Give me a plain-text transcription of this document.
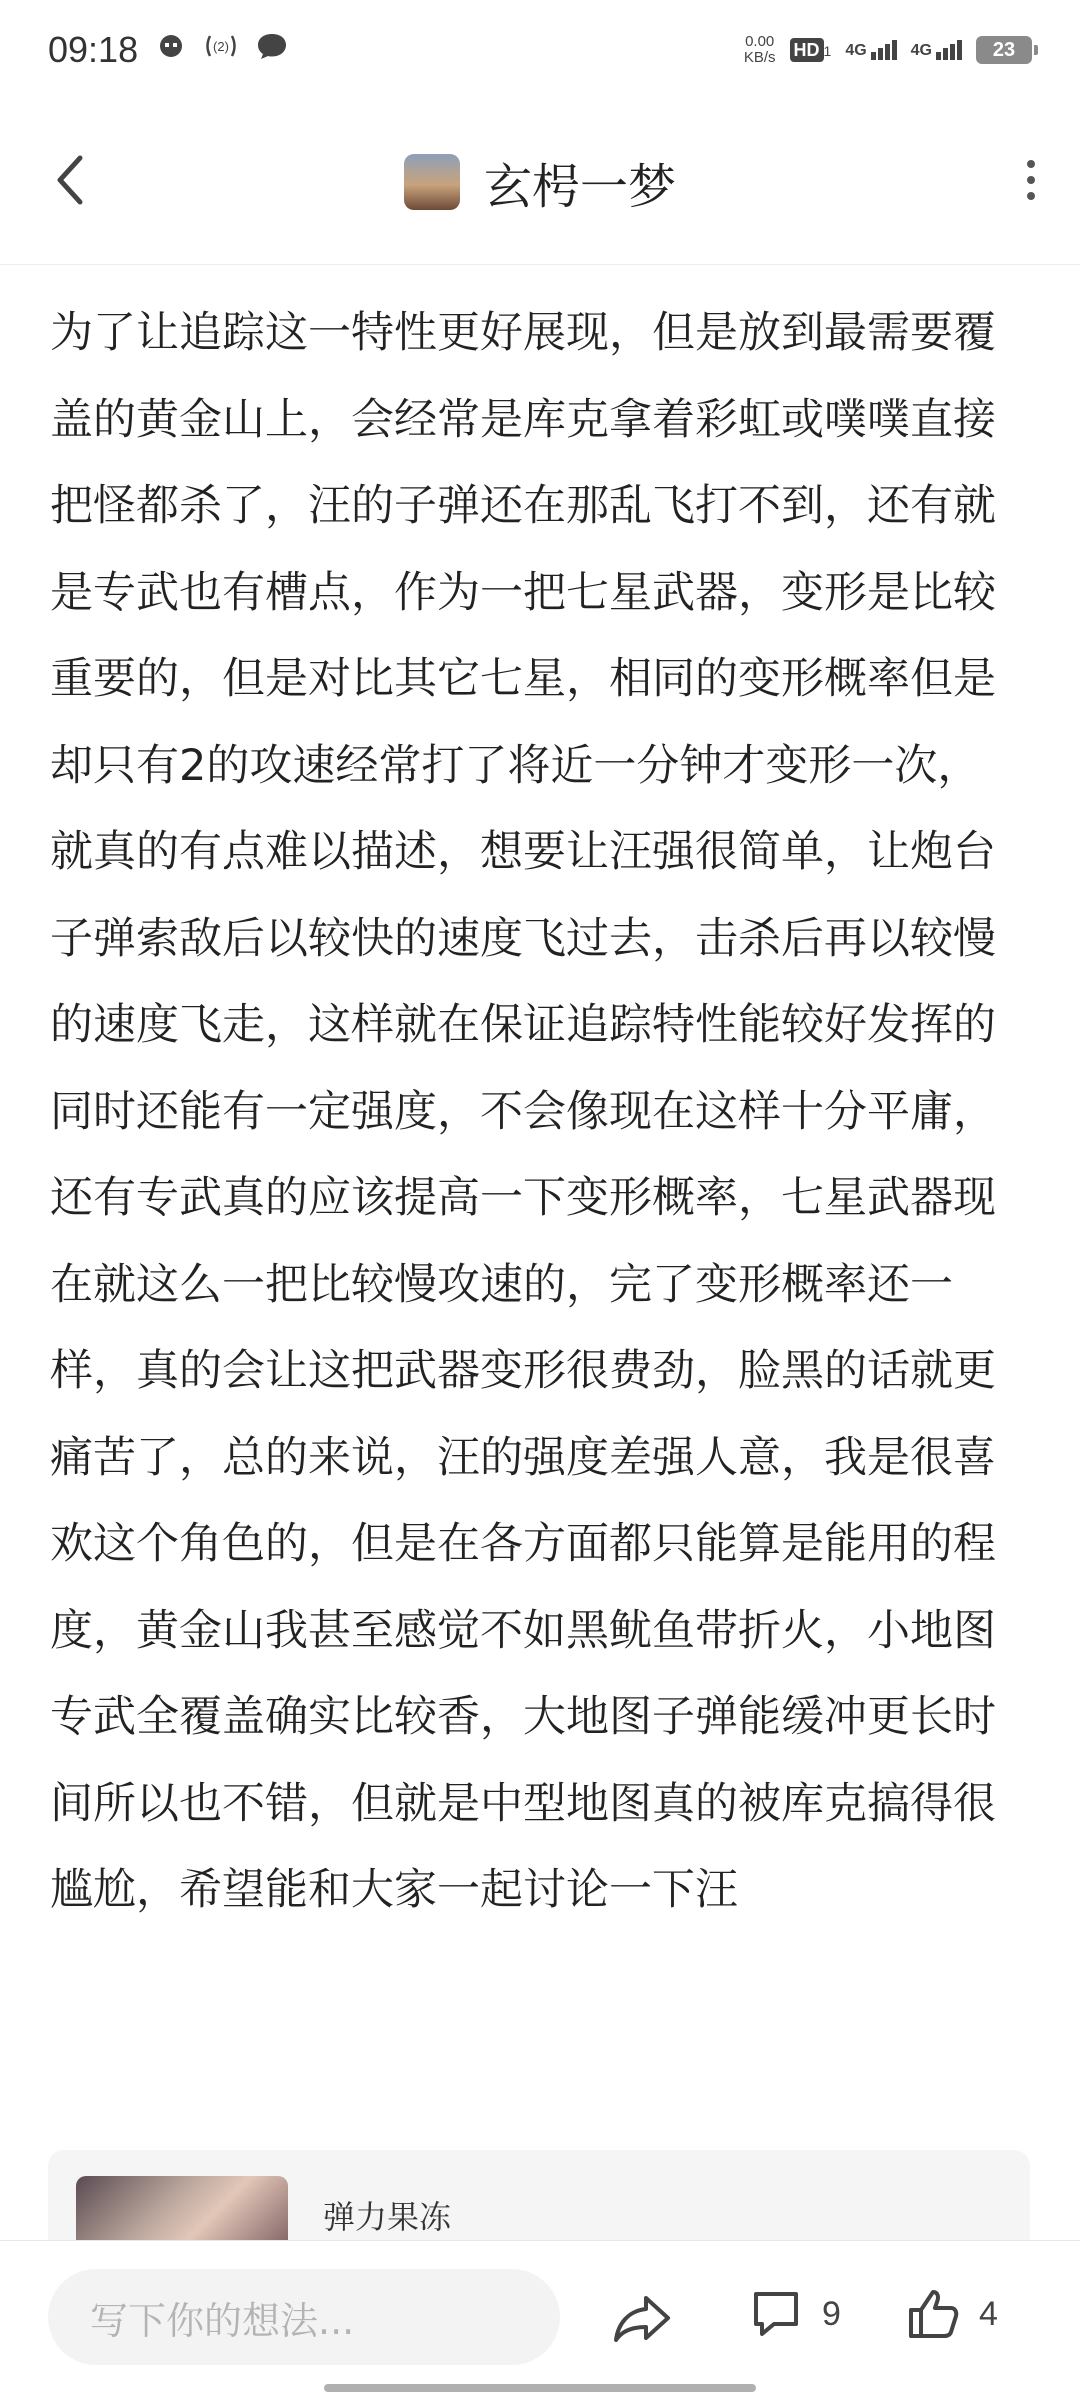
09:18	(2)	0.00
KB/s HD 1 4G	4G	23
玄枵一梦
为了让追踪这一特性更好展现，但是放到最需要覆盖的黄金山上，会经常是库克拿着彩虹或噗噗直接把怪都杀了，汪的子弹还在那乱飞打不到，还有就是专武也有槽点，作为一把七星武器，变形是比较重要的，但是对比其它七星，相同的变形概率但是却只有2的攻速经常打了将近一分钟才变形一次，就真的有点难以描述，想要让汪强很简单，让炮台子弹索敌后以较快的速度飞过去，击杀后再以较慢的速度飞走，这样就在保证追踪特性能较好发挥的同时还能有一定强度，不会像现在这样十分平庸，还有专武真的应该提高一下变形概率，七星武器现在就这么一把比较慢攻速的，完了变形概率还一样，真的会让这把武器变形很费劲，脸黑的话就更痛苦了，总的来说，汪的强度差强人意，我是很喜欢这个角色的，但是在各方面都只能算是能用的程度，黄金山我甚至感觉不如黑鱿鱼带折火，小地图专武全覆盖确实比较香，大地图子弹能缓冲更长时间所以也不错，但就是中型地图真的被库克搞得很尴尬，希望能和大家一起讨论一下汪
弹力果冻
写下你的想法...	9	4
